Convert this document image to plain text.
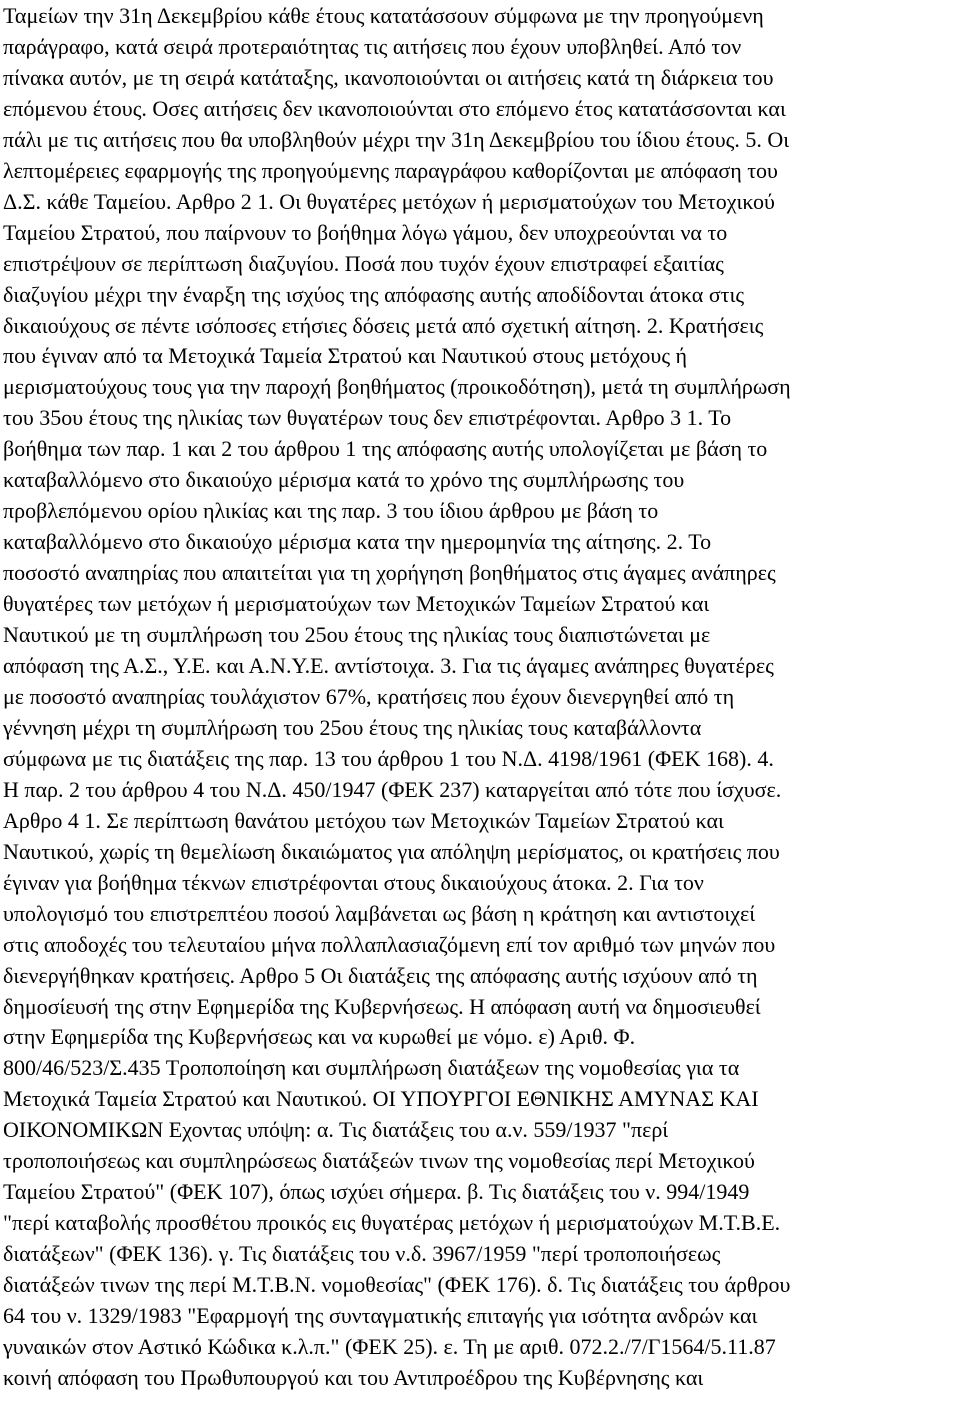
Ταμείων την 31η Δεκεμβρίου κάθε έτους κατατάσσουν σύμφωνα με την προηγούμενη
παράγραφο, κατά σειρά προτεραιότητας τις αιτήσεις που έχουν υποβληθεί. Από τον
πίνακα αυτόν, με τη σειρά κατάταξης, ικανοποιούνται οι αιτήσεις κατά τη διάρκεια του
επόμενου έτους. Οσες αιτήσεις δεν ικανοποιούνται στο επόμενο έτος κατατάσσονται και
πάλι με τις αιτήσεις που θα υποβληθούν μέχρι την 31η Δεκεμβρίου του ίδιου έτους. 5. Οι
λεπτομέρειες εφαρμογής της προηγούμενης παραγράφου καθορίζονται με απόφαση του
Δ.Σ. κάθε Ταμείου. Αρθρο 2 1. Οι θυγατέρες μετόχων ή μερισματούχων του Μετοχικού
Ταμείου Στρατού, που παίρνουν το βοήθημα λόγω γάμου, δεν υποχρεούνται να το
επιστρέψουν σε περίπτωση διαζυγίου. Ποσά που τυχόν έχουν επιστραφεί εξαιτίας
διαζυγίου μέχρι την έναρξη της ισχύος της απόφασης αυτής αποδίδονται άτοκα στις
δικαιούχους σε πέντε ισόποσες ετήσιες δόσεις μετά από σχετική αίτηση. 2. Κρατήσεις
που έγιναν από τα Μετοχικά Ταμεία Στρατού και Ναυτικού στους μετόχους ή
μερισματούχους τους για την παροχή βοηθήματος (προικοδότηση), μετά τη συμπλήρωση
του 35ου έτους της ηλικίας των θυγατέρων τους δεν επιστρέφονται. Αρθρο 3 1. Το
βοήθημα των παρ. 1 και 2 του άρθρου 1 της απόφασης αυτής υπολογίζεται με βάση το
καταβαλλόμενο στο δικαιούχο μέρισμα κατά το χρόνο της συμπλήρωσης του
προβλεπόμενου ορίου ηλικίας και της παρ. 3 του ίδιου άρθρου με βάση το
καταβαλλόμενο στο δικαιούχο μέρισμα κατα την ημερομηνία της αίτησης. 2. Το
ποσοστό αναπηρίας που απαιτείται για τη χορήγηση βοηθήματος στις άγαμες ανάπηρες
θυγατέρες των μετόχων ή μερισματούχων των Μετοχικών Ταμείων Στρατού και
Ναυτικού με τη συμπλήρωση του 25ου έτους της ηλικίας τους διαπιστώνεται με
απόφαση της Α.Σ., Υ.Ε. και Α.Ν.Υ.Ε. αντίστοιχα. 3. Για τις άγαμες ανάπηρες θυγατέρες
με ποσοστό αναπηρίας τουλάχιστον 67%, κρατήσεις που έχουν διενεργηθεί από τη
γέννηση μέχρι τη συμπλήρωση του 25ου έτους της ηλικίας τους καταβάλλοντα
σύμφωνα με τις διατάξεις της παρ. 13 του άρθρου 1 του Ν.Δ. 4198/1961 (ΦΕΚ 168). 4.
Η παρ. 2 του άρθρου 4 του Ν.Δ. 450/1947 (ΦΕΚ 237) καταργείται από τότε που ίσχυσε.
Αρθρο 4 1. Σε περίπτωση θανάτου μετόχου των Μετοχικών Ταμείων Στρατού και
Ναυτικού, χωρίς τη θεμελίωση δικαιώματος για απόληψη μερίσματος, οι κρατήσεις που
έγιναν για βοήθημα τέκνων επιστρέφονται στους δικαιούχους άτοκα. 2. Για τον
υπολογισμό του επιστρεπτέου ποσού λαμβάνεται ως βάση η κράτηση και αντιστοιχεί
στις αποδοχές του τελευταίου μήνα πολλαπλασιαζόμενη επί τον αριθμό των μηνών που
διενεργήθηκαν κρατήσεις. Αρθρο 5 Οι διατάξεις της απόφασης αυτής ισχύουν από τη
δημοσίευσή της στην Εφημερίδα της Κυβερνήσεως. Η απόφαση αυτή να δημοσιευθεί
στην Εφημερίδα της Κυβερνήσεως και να κυρωθεί με νόμο. ε) Αριθ. Φ.
800/46/523/Σ.435 Τροποποίηση και συμπλήρωση διατάξεων της νομοθεσίας για τα
Μετοχικά Ταμεία Στρατού και Ναυτικού. ΟΙ ΥΠΟΥΡΓΟΙ ΕΘΝΙΚΗΣ ΑΜΥΝΑΣ ΚΑΙ
ΟΙΚΟΝΟΜΙΚΩΝ Εχοντας υπόψη: α. Τις διατάξεις του α.ν. 559/1937 "περί
τροποποιήσεως και συμπληρώσεως διατάξεών τινων της νομοθεσίας περί Μετοχικού
Ταμείου Στρατού" (ΦΕΚ 107), όπως ισχύει σήμερα. β. Τις διατάξεις του ν. 994/1949
"περί καταβολής προσθέτου προικός εις θυγατέρας μετόχων ή μερισματούχων Μ.Τ.Β.Ε.
διατάξεων" (ΦΕΚ 136). γ. Τις διατάξεις του ν.δ. 3967/1959 "περί τροποποιήσεως
διατάξεών τινων της περί Μ.Τ.Β.Ν. νομοθεσίας" (ΦΕΚ 176). δ. Τις διατάξεις του άρθρου
64 του ν. 1329/1983 "Εφαρμογή της συνταγματικής επιταγής για ισότητα ανδρών και
γυναικών στον Αστικό Κώδικα κ.λ.π." (ΦΕΚ 25). ε. Τη με αριθ. 072.2./7/Γ1564/5.11.87
κοινή απόφαση του Πρωθυπουργού και του Αντιπροέδρου της Κυβέρνησης και
